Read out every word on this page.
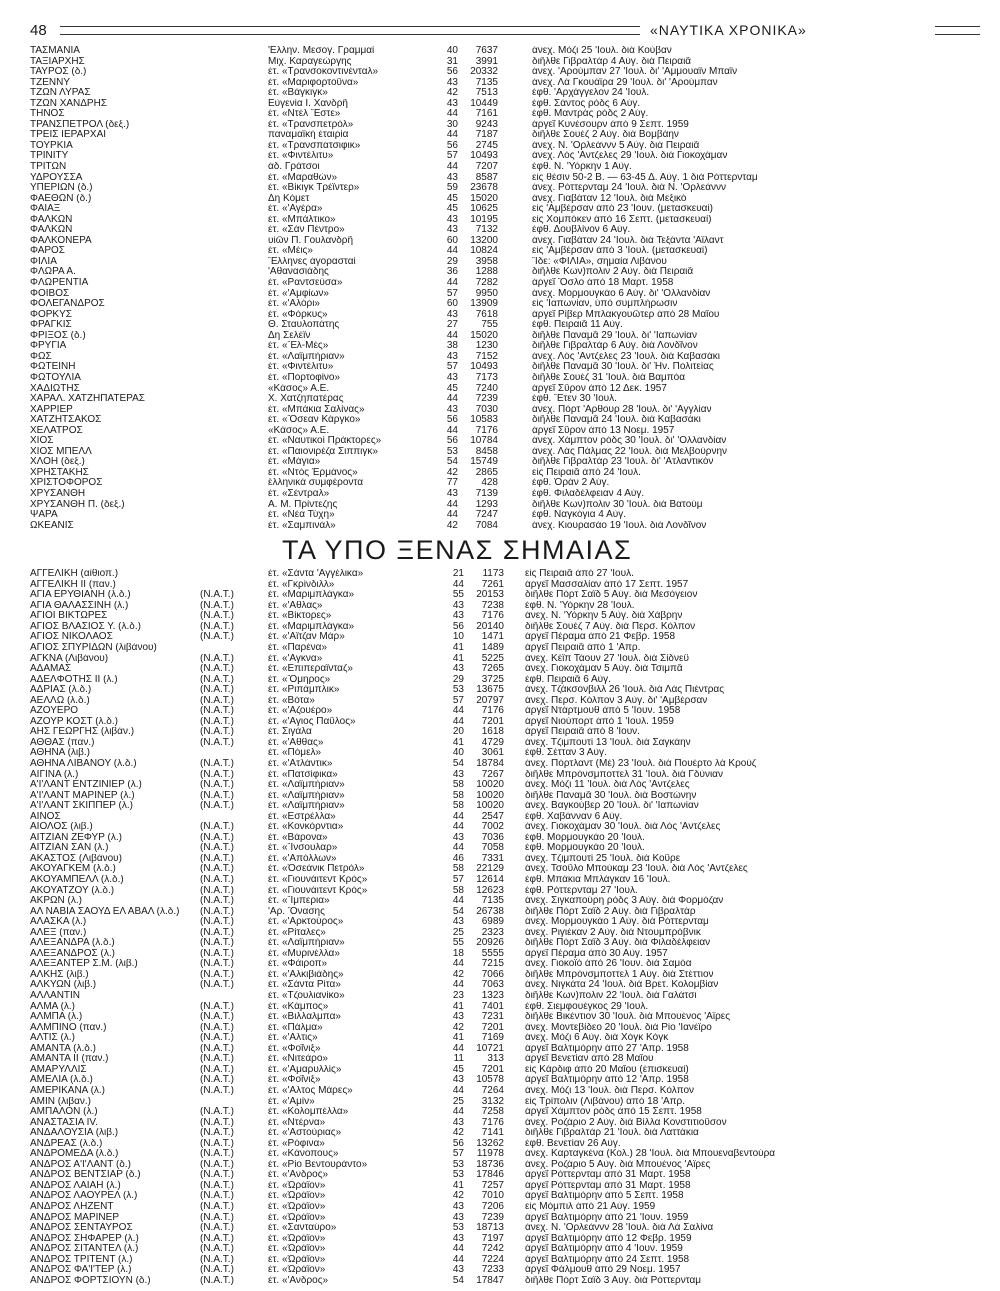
48	«ΝΑΥΤΙΚΑ ΧΡΟΝΙΚΑ»
ΤΑΣΜΑΝΙΑ	'Ελλην. Μεσογ. Γραμμαί	40	7637	ἀνεχ. Μόζι 25 'Ιουλ. διὰ Κούβαν
ΤΑΞΙΑΡΧΗΣ	Μιχ. Καραγεώργης	31	3991	διῆλθε Γιβραλτὰρ 4 Αὐγ. διὰ Πειραιᾶ
ΤΑΥΡΟΣ (δ.)	ἑτ. «Τρανσοκοντινένταλ»	56	20332	ἀνεχ. 'Αρούμπαν 27 'Ιουλ. δι' 'Αμμουαϊν Μπαϊν
ΤΖΕΝΝΥ	ἑτ. «Μαριφορτοῦνα»	43	7135	ἀνεχ. Λὰ Γκουάϊρα 29 'Ιουλ. δι' 'Αρούμπαν
ΤΖΩΝ ΛΥΡΑΣ	ἑτ. «Βάγκιγκ»	42	7513	ἐφθ. 'Αρχάγγελον 24 'Ιουλ.
ΤΖΩΝ ΧΑΝΔΡΗΣ	Εὐγενία Ι. Χανδρῆ	43	10449	ἐφθ. Σάντος ρόδς 6 Αὐγ.
ΤΗΝΟΣ	ἑτ. «Ντὲλ Ἔστε»	44	7161	ἐφθ. Μαντράς ρόδς 2 Αὐγ.
ΤΡΑΝΣΠΕΤΡΟΛ (δεξ.)	ἑτ. «Τρανσπετρόλ»	30	9243	ἀργεῖ Κυνέσουρν ἀπὸ 9 Σεπτ. 1959
ΤΡΕΙΣ ΙΕΡΑΡΧΑΙ	παναμαϊκὴ ἑταιρία	44	7187	διῆλθε Σουέζ 2 Αὐγ. διὰ Βομβάην
ΤΟΥΡΚΙΑ	ἑτ. «Τρανσπατσιφικ»	56	2745	ἀνεχ. Ν. 'Ορλεάννν 5 Αὐγ. διὰ Πειραιᾶ
ΤΡΙΝΙΤΥ	ἑτ. «Φιντέλιτυ»	57	10493	ἀνεχ. Λὸς 'Αντζελες 29 'Ιουλ. διὰ Γιοκοχάμαν
ΤΡΙΤΩΝ	ἀδ. Γράτσοι	44	7207	ἐφθ. Ν. 'Υόρκην 1 Αὐγ.
ΥΔΡΟΥΣΣΑ	ἑτ. «Μαραθὼν»	43	8587	εἰς θέσιν 50-2 Β. — 63-45 Δ. Αὐγ. 1 διὰ Ρόττερνταμ
ΥΠΕΡΙΩΝ (δ.)	ἑτ. «Βίκιγκ Τρέϊντερ»	59	23678	ἀνεχ. Ρόττερνταμ 24 'Ιουλ. διὰ Ν. 'Ορλεάννν
ΦΑΕΘΩΝ (δ.)	Δη Κόμετ	45	15020	ἀνεχ. Γιαβάταν 12 'Ιουλ. διὰ Μεξικό
ΦΑΙΑΞ	ἑτ. «'Αγέρα»	45	10625	εἰς 'Αμβέρσαν ἀπὸ 23 'Ιουν. (μετασκευαί)
ΦΑΛΚΩΝ	ἑτ. «Μπάλτικο»	43	10195	εἰς Χομπόκεν ἀπὸ 16 Σεπτ. (μετασκευαί)
ΦΑΛΚΩΝ	ἑτ. «Σὰν Πέντρο»	43	7132	ἐφθ. Δουβλίνον 6 Αὐγ.
ΦΑΛΚΟΝΕΡΑ	υἱῶν Π. Γουλανδρῆ	60	13200	ἀνεχ. Γιαβάταν 24 'Ιουλ. διὰ Τεξάντα 'Αϊλαντ
ΦΑΡΟΣ	ἑτ. «Μέις»	44	10824	εἰς 'Αμβέρσαν ἀπὸ 3 'Ιουλ. (μετασκευαί)
ΦΙΛΙΑ	Ἕλληνες ἀγορασταί	29	3958	Ἴδε: «ΦΙΛΙΑ», σημαία Λιβάνου
ΦΛΩΡΑ Α.	'Αθανασιάδης	36	1288	διῆλθε Κων)πολιν 2 Αὐγ. διὰ Πειραιᾶ
ΦΛΩΡΕΝΤΙΑ	ἑτ. «Ραντσεύσα»	44	7282	ἀργεῖ Ὄσλο ἀπὸ 18 Μαρτ. 1958
ΦΟΙΒΟΣ	ἑτ. «'Αμφίων»	57	9950	ἀνεχ. Μορμουγκάο 6 Αὐγ. δι' 'Ολλανδίαν
ΦΟΛΕΓΑΝΔΡΟΣ	ἑτ. «'Αλόρι»	60	13909	εἰς 'Ιαπωνίαν, ὑπὸ συμπλήρωσιν
ΦΟΡΚΥΣ	ἑτ. «Φόρκυς»	43	7618	ἀργεῖ Ρίβερ Μπλακγουῶτερ ἀπὸ 28 Μαΐου
ΦΡΑΓΚΙΣ	Θ. Σταυλοπάτης	27	755	ἐφθ. Πειραιᾶ 11 Αὐγ.
ΦΡΙΞΟΣ (δ.)	Δη Σελέϊν	44	15020	διῆλθε Παναμᾶ 29 'Ιουλ. δι' 'Ιαπωνίαν
ΦΡΥΓΙΑ	ἑτ. «Ἔλ-Μές»	38	1230	διῆλθε Γιβραλτὰρ 6 Αὐγ. διὰ Λονδῖνον
ΦΩΣ	ἑτ. «Λαϊμπήριαν»	43	7152	ἀνεχ. Λὸς 'Αντζελες 23 'Ιουλ. διὰ Καβασάκι
ΦΩΤΕΙΝΗ	ἑτ. «Φιντέλιτυ»	57	10493	διῆλθε Παναμᾶ 30 'Ιουλ. δι' Ἡν. Πολιτείας
ΦΩΤΟΥΛΙΑ	ἑτ. «Πορτοφίνο»	43	7173	διῆλθε Σουέζ 31 'Ιουλ. διὰ Βαμπόα
ΧΑΔΙΩΤΗΣ	«Κάσος» Α.Ε.	45	7240	ἀργεῖ Σῦρον ἀπὸ 12 Δεκ. 1957
ΧΑΡΑΛ. ΧΑΤΖΗΠΑΤΕΡΑΣ	Χ. Χατζηπατέρας	44	7239	ἐφθ. Ἔτεν 30 'Ιουλ.
ΧΑΡΡΙΕΡ	ἑτ. «Μπάκια Σαλίνας»	43	7030	ἀνεχ. Πὸρτ 'Αρθουρ 28 'Ιουλ. δι' 'Αγγλίαν
ΧΑΤΖΗΤΣΑΚΟΣ	ἑτ. «Ὄσεαν Κάργκο»	56	10583	διῆλθε Παναμᾶ 24 'Ιουλ. διὰ Καβασάκι
ΧΕΛΑΤΡΟΣ	«Κάσος» Α.Ε.	44	7176	ἀργεῖ Σῦρον ἀπὸ 13 Νοεμ. 1957
ΧΙΟΣ	ἑτ. «Ναυτικοὶ Πράκτορες»	56	10784	ἀνεχ. Χάμπτον ρόδς 30 'Ιουλ. δι' 'Ολλανδίαν
ΧΙΟΣ ΜΠΕΛΛ	ἑτ. «Παιονιρέζα Σιππιγκ»	53	8458	ἀνεχ. Λὰς Πάλμας 22 'Ιουλ. διὰ Μελβούρνην
ΧΛΟΗ (δεξ.)	ἑτ. «Μάγια»	54	15749	διῆλθε Γιβραλτὰρ 23 'Ιουλ. δι' 'Ατλαντικὸν
ΧΡΗΣΤΑΚΗΣ	ἑτ. «Ντὸς Ἑρμάνος»	42	2865	εἰς Πειραιᾶ ἀπὸ 24 'Ιουλ.
ΧΡΙΣΤΟΦΟΡΟΣ	ἕλληνικὰ συμφέροντα	77	428	ἐφθ. Ὀρὰν 2 Αὐγ.
ΧΡΥΣΑΝΘΗ	ἑτ. «Σέντραλ»	43	7139	ἐφθ. Φιλαδέλφειαν 4 Αὐγ.
ΧΡΥΣΑΝΘΗ Π. (δεξ.)	Α. Μ. Πρίντεζης	44	1293	διῆλθε Κων)πολιν 30 'Ιουλ. διὰ Βατοὺμ
ΨΑΡΑ	ἑτ. «Νέα Τύχη»	44	7247	ἐφθ. Ναγκόγια 4 Αὐγ.
ΩΚΕΑΝΙΣ	ἑτ. «Σαμπινάλ»	42	7084	ἀνεχ. Κιουρασάο 19 'Ιουλ. διὰ Λονδῖνον
ΤΑ ΥΠΟ ΞΕΝΑΣ ΣΗΜΑΙΑΣ
ΑΓΓΕΛΙΚΗ (αἰθιοπ.)	ἑτ. «Σάντα 'Αγγέλικα»	21	1173 εἰς Πειραιᾶ ἀπὸ 27 'Ιουλ.
ΑΓΓΕΛΙΚΗ ΙΙ (παν.)	ἑτ. «Γκρίνδιλλ»	44	7261 ἀργεῖ Μασσαλίαν ἀπὸ 17 Σεπτ. 1957
ΑΓΙΑ ΕΡΥΘΙΑΝΗ (λ.δ.)	(Ν.Α.Τ.)	ἑτ. «Μαριμπλάγκα»	55	20153 διῆλθε Πὸρτ Σαϊδ 5 Αὐγ. διὰ Μεσόγειον
ΑΓΙΑ ΘΑΛΑΣΣΙΝΗ (λ.)	(Ν.Α.Τ.)	ἑτ. «'Αθλας»	43	7238 ἐφθ. Ν. 'Υόρκην 28 'Ιουλ.
ΑΓΙΟΙ ΒΙΚΤΩΡΕΣ	(Ν.Α.Τ.)	ἑτ. «Βίκτορες»	43	7176 ἀνεχ. Ν. 'Υόρκην 5 Αὐγ. διὰ Χάβρην
ΑΓΙΟΣ ΒΛΑΣΙΟΣ Υ. (λ.δ.)	(Ν.Α.Τ.)	ἑτ. «Μαριμπλάγκα»	56	20140 διῆλθε Σουέζ 7 Αὐγ. διὰ Περσ. Κόλπον
ΑΓΙΟΣ ΝΙΚΟΛΑΟΣ	(Ν.Α.Τ.)	ἑτ. «'Αϊτζαν Μάρ»	10	1471 ἀργεῖ Πέραμα ἀπὸ 21 Φεβρ. 1958
ΑΓΙΟΣ ΣΠΥΡΙΔΩΝ (λιβάνου)	ἑτ. «Παρένα»	41	1489 ἀργεῖ Πειραιᾶ ἀπὸ 1 'Απρ.
ΑΓΚΝΑ (Λιβάνου)	(Ν.Α.Τ.)	ἑτ. «'Αγκνα»	41	5225 ἀνεχ. Κέϊπ Τάουν 27 'Ιουλ. διὰ Σίδνεϋ
ΑΔΑΜΑΣ	(Ν.Α.Τ.)	ἑτ. «Επιπεραϊνταζ»	43	7265 ἀνεχ. Γιοκοχάμαν 5 Αὐγ. διὰ Τσιμπᾶ
ΑΔΕΛΦΟΤΗΣ ΙΙ (λ.)	(Ν.Α.Τ.)	ἑτ. «Ὄμηρος»	29	3725 ἐφθ. Πειραιᾶ 6 Αὐγ.
ΑΔΡΙΑΣ (λ.δ.)	(Ν.Α.Τ.)	ἑτ. «Ριπάμπλικ»	53	13675 ἀνεχ. Τζάκσονβιλλ 26 'Ιουλ. διὰ Λὰς Πιέντρας
ΑΕΛΛΩ (λ.δ.)	(Ν.Α.Τ.)	ἑτ. «Βότα»	57	20797 ἀνεχ. Περσ. Κόλπον 3 Αὐγ. δι' 'Αμβέρσαν
ΑΖΟΥΕΡΟ	(Ν.Α.Τ.)	ἑτ. «'Αζουέρο»	44	7176 ἀργεῖ Ντάρτμουθ ἀπὸ 5 'Ιουν. 1958
ΑΖΟΥΡ ΚΟΣΤ (λ.δ.)	(Ν.Α.Τ.)	ἑτ. «'Αγιος Παῦλος»	44	7201 ἀργεῖ Νιούπορτ ἀπὸ 1 'Ιουλ. 1959
ΑΗΣ ΓΕΩΡΓΗΣ (λιβάν.)	(Ν.Α.Τ.)	ἑτ. Σιγάλα	20	1618 ἀργεῖ Πειραιᾶ ἀπὸ 8 'Ιουν.
ΑΘΘΑΣ (παν.)	(Ν.Α.Τ.)	ἑτ. «'Αθθας»	41	4729 ἀνεχ. Τζιμπουτί 13 'Ιουλ. διὰ Σαγκάην
ΑΘΗΝΑ (λιβ.)	ἑτ. «Πόμελ»	40	3061 ἐφθ. Σέτταν 3 Αὐγ.
ΑΘΗΝΑ ΛΙΒΑΝΟΥ (λ.δ.)	(Ν.Α.Τ.)	ἑτ. «'Ατλάντικ»	54	18784 ἀνεχ. Πόρτλαντ (Μὲ) 23 'Ιουλ. διὰ Πουέρτο λὰ Κρούζ
ΑΙΓΙΝΑ (λ.)	(Ν.Α.Τ.)	ἑτ. «Πατσίφικα»	43	7267 διῆλθε Μπρόνσμποττελ 31 'Ιουλ. διὰ Γδύνιαν
Α'Ι'ΛΑΝΤ ΕΝΤΖΙΝΙΕΡ (λ.)	(Ν.Α.Τ.)	ἑτ. «Λαϊμπήριαν»	58	10020 ἀνεχ. Μόζι 11 'Ιουλ. διὰ Λὸς 'Αντζελες
Α'Ι'ΛΑΝΤ ΜΑΡΙΝΕΡ (λ.)	(Ν.Α.Τ.)	ἑτ. «Λαϊμπήριαν»	58	10020 διῆλθε Παναμᾶ 30 'Ιουλ. διὰ Βοστώνην
Α'Ι'ΛΑΝΤ ΣΚΙΠΠΕΡ (λ.)	(Ν.Α.Τ.)	ἑτ. «Λαϊμπήριαν»	58	10020 ἀνεχ. Βαγκούβερ 20 'Ιουλ. δι' 'Ιαπωνίαν
ΑΙΝΟΣ	ἑτ. «Εστρέλλα»	44	2547 ἐφθ. Χαβάνναν 6 Αὐγ.
ΑΙΟΛΟΣ (λιβ.)	(Ν.Α.Τ.)	ἑτ. «Κονκόρντια»	44	7002 ἀνεχ. Γιοκοχάμαν 30 'Ιουλ. διὰ Λὸς 'Αντζελες
ΑΙΤΖΙΑΝ ΖΕΦΥΡ (λ.)	(Ν.Α.Τ.)	ἑτ. «Βάρονα»	43	7036 ἐφθ. Μορμουγκάο 20 'Ιουλ.
ΑΙΤΖΙΑΝ ΣΑΝ (λ.)	(Ν.Α.Τ.)	ἑτ. «Ἴνσουλαρ»	44	7058 ἐφθ. Μορμουγκάο 20 'Ιουλ.
ΑΚΑΣΤΟΣ (Λιβάνου)	(Ν.Α.Τ.)	ἑτ. «'Απόλλων»	46	7331 ἀνεχ. Τζιμπουτί 25 'Ιουλ. διὰ Κοῦρε
ΑΚΟΥΑΓΚΕΜ (λ.δ.)	(Ν.Α.Τ.)	ἑτ. «Ὀσεάνικ Πετρόλ»	58	22129 ἀνεχ. Τσοῦλο Μπούκαμ 23 'Ιουλ. διὰ Λὸς 'Αντζελες
ΑΚΟΥΑΜΠΕΛΛ (λ.δ.)	(Ν.Α.Τ.)	ἑτ. «Γιουνάιτεντ Κρὸς»	57	12614 ἐφθ. Μπάκια Μπλάγκαν 16 'Ιουλ.
ΑΚΟΥΑΤΖΟΥ (λ.δ.)	(Ν.Α.Τ.)	ἑτ. «Γιουνάιτεντ Κρὸς»	58	12623 ἐφθ. Ρόττερνταμ 27 'Ιουλ.
ΑΚΡΩΝ (λ.)	(Ν.Α.Τ.)	ἑτ. «Ἴμπερια»	44	7135 ἀνεχ. Σιγκαπούρη ρόδς 3 Αὐγ. διὰ Φορμόζαν
ΑΛ ΝΑΒΙΑ ΣΑΟΥΔ ΕΛ ΑΒΑΛ (λ.δ.)	(Ν.Α.Τ.)	'Αρ. Ὄνασης	54	26738 διῆλθε Πὸρτ Σαϊδ 2 Αὐγ. διὰ Γιβραλτὰρ
ΑΛΑΣΚΑ (λ.)	(Ν.Α.Τ.)	ἑτ. «'Αρκτούρος»	43	6989 ἀνεχ. Μορμουγκάο 1 Αὐγ. διὰ Ρόττερνταμ
ΑΛΕΞ (παν.)	(Ν.Α.Τ.)	ἑτ. «Ρίταλες»	25	2323 ἀνεχ. Ριγιέκαν 2 Αὐγ. διὰ Ντουμπρόβνικ
ΑΛΕΞΑΝΔΡΑ (λ.δ.)	(Ν.Α.Τ.)	ἑτ. «Λαϊμπήριαν»	55	20926 διῆλθε Πὸρτ Σαϊδ 3 Αὐγ. διὰ Φιλαδέλφειαν
ΑΛΕΞΑΝΔΡΟΣ (λ.)	(Ν.Α.Τ.)	ἑτ. «Μυρινέλλα»	18	5555 ἀργεῖ Πέραμα ἀπὸ 30 Αὐγ. 1957
ΑΛΕΞΑΝΤΕΡ Σ.Μ. (λιβ.)	(Ν.Α.Τ.)	ἑτ. «Φάιροπ»	44	7215 ἀνεχ. Γιοκοϊὸ ἀπὸ 26 'Ιουν. διὰ Σαμόα
ΑΛΚΗΣ (λιβ.)	(Ν.Α.Τ.)	ἑτ. «'Αλκιβιάδης»	42	7066 διῆλθε Μπρόνσμποττελ 1 Αὐγ. διὰ Στέττιον
ΑΛΚΥΩΝ (λιβ.)	(Ν.Α.Τ.)	ἑτ. «Σάντα Ρίτα»	44	7063 ἀνεχ. Νιγκάτα 24 'Ιουλ. διὰ Βρετ. Κολομβίαν
ΑΛΛΑΝΤΙΝ	ἑτ. «Τζουλιανίκο»	23	1323 διῆλθε Κων)πολιν 22 'Ιουλ. διὰ Γαλάτσι
ΑΛΜΑ (λ.)	(Ν.Α.Τ.)	ἑτ. «Κάμπος»	41	7401 ἐφθ. Σιεμφουέγκος 29 'Ιουλ.
ΑΛΜΠΑ (λ.)	(Ν.Α.Τ.)	ἑτ. «Βιλλαλμπα»	43	7231 διῆλθε Βικέντιον 30 'Ιουλ. διὰ Μπουένος 'Αϊρες
ΑΛΜΠΙΝΟ (παν.)	(Ν.Α.Τ.)	ἑτ. «Πάλμα»	42	7201 ἀνεχ. Μοντεβίδεο 20 'Ιουλ. διὰ Ρίο 'Ιανέϊρο
ΑΛΤΙΣ (λ.)	(Ν.Α.Τ.)	ἑτ. «'Αλτις»	41	7169 ἀνεχ. Μόζι 6 Αὐγ. διὰ Χὸγκ Κὸγκ
ΑΜΑΝΤΑ (λ.δ.)	(Ν.Α.Τ.)	ἑτ. «Φοῖνιξ»	44	10721 ἀργεῖ Βαλτιμόρην ἀπὸ 27 'Απρ. 1958
ΑΜΑΝΤΑ ΙΙ (παν.)	(Ν.Α.Τ.)	ἑτ. «Νιτεάρο»	11	313 ἀργεῖ Βενετίαν ἀπὸ 28 Μαΐου
ΑΜΑΡΥΛΛΙΣ	(Ν.Α.Τ.)	ἑτ. «'Αμαρυλλίς»	45	7201 εἰς Κάρδιφ ἀπὸ 20 Μαΐου (ἐπισκευαί)
ΑΜΕΛΙΑ (λ.δ.)	(Ν.Α.Τ.)	ἑτ. «Φοῖνιξ»	43	10578 ἀργεῖ Βαλτιμόρην ἀπὸ 12 'Απρ. 1958
ΑΜΕΡΙΚΑΝΑ (λ.)	(Ν.Α.Τ.)	ἑτ. «'Αλτος Μάρες»	44	7264 ἀνεχ. Μόζι 13 'Ιουλ. διὰ Περσ. Κόλπον
ΑΜΙΝ (λιβαν.)	ἑτ. «'Αμίν»	25	3132 εἰς Τρίπολιν (Λιβάνου) ἀπὸ 18 'Απρ.
ΑΜΠΑΛΟΝ (λ.)	(Ν.Α.Τ.)	ἑτ. «Κολομπέλλα»	44	7258 ἀργεῖ Χάμπτον ρόδς ἀπὸ 15 Σεπτ. 1958
ΑΝΑΣΤΑΣΙΑ ΙV.	(Ν.Α.Τ.)	ἑτ. «Ντέρνα»	43	7176 ἀνεχ. Ροζάριο 2 Αὐγ. διὰ Βίλλα Κονστιτιοῦσον
ΑΝΔΑΛΟΥΣΙΑ (λιβ.)	(Ν.Α.Τ.)	ἑτ. «'Αστούριας»	42	7141 διῆλθε Γιβραλτὰρ 21 'Ιουλ. διὰ Λαττάκια
ΑΝΔΡΕΑΣ (λ.δ.)	(Ν.Α.Τ.)	ἑτ. «Ρόφινα»	56	13262 ἐφθ. Βενετίαν 26 Αὐγ.
ΑΝΔΡΟΜΕΔΑ (λ.δ.)	(Ν.Α.Τ.)	ἑτ. «Κάνοπους»	57	11978 ἀνεχ. Καρταγκένα (Κολ.) 28 'Ιουλ. διὰ Μπουεναβεντούρα
ΑΝΔΡΟΣ Α'Ι'ΛΑΝΤ (δ.)	(Ν.Α.Τ.)	ἑτ. «Ρίο Βεντουράντο»	53	18736 ἀνεχ. Ροζάριο 5 Αὐγ. διὰ Μπουένος 'Αϊρες
ΑΝΔΡΟΣ ΒΕΝΤΣΙΑΡ (δ.)	(Ν.Α.Τ.)	ἑτ. «'Ανδρος»	53	17846 ἀργεῖ Ρόττερνταμ ἀπὸ 31 Μαρτ. 1958
ΑΝΔΡΟΣ ΛΑΙΑΗ (λ.)	(Ν.Α.Τ.)	ἑτ. «Ὠράϊον»	41	7257 ἀργεῖ Ρόττερνταμ ἀπὸ 31 Μαρτ. 1958
ΑΝΔΡΟΣ ΛΑΟΥΡΕΛ (λ.)	(Ν.Α.Τ.)	ἑτ. «Ὠράϊον»	42	7010 ἀργεῖ Βαλτιμόρην ἀπὸ 5 Σεπτ. 1958
ΑΝΔΡΟΣ ΛΗΖΕΝΤ	(Ν.Α.Τ.)	ἑτ. «Ὠράϊον»	43	7206 εἰς Μόμπιλ ἀπὸ 21 Αὐγ. 1959
ΑΝΔΡΟΣ ΜΑΡΙΝΕΡ	(Ν.Α.Τ.)	ἑτ. «Ὠράϊον»	43	7239 ἀργεῖ Βαλτιμόρην ἀπὸ 21 'Ιουν. 1959
ΑΝΔΡΟΣ ΣΕΝΤΑΥΡΟΣ	(Ν.Α.Τ.)	ἑτ. «Σανταύρο»	53	18713 ἀνεχ. Ν. 'Ορλεάννν 28 'Ιουλ. διὰ Λὰ Σαλίνα
ΑΝΔΡΟΣ ΣΗΦΑΡΕΡ (λ.)	(Ν.Α.Τ.)	ἑτ. «Ὠράϊον»	43	7197 ἀργεῖ Βαλτιμόρην ἀπὸ 12 Φεβρ. 1959
ΑΝΔΡΟΣ ΣΙΤΑΝΤΕΛ (λ.)	(Ν.Α.Τ.)	ἑτ. «Ὠράϊον»	44	7242 ἀργεῖ Βαλτιμόρην ἀπὸ 4 'Ιουν. 1959
ΑΝΔΡΟΣ ΤΡΙΤΕΝΤ (λ.)	(Ν.Α.Τ.)	ἑτ. «Ὠράϊον»	44	7224 ἀργεῖ Βαλτιμόρην ἀπὸ 24 Σεπτ. 1958
ΑΝΔΡΟΣ ΦΑ'Ι'ΤΕΡ (λ.)	(Ν.Α.Τ.)	ἑτ. «Ὠράϊον»	43	7233 ἀργεῖ Φάλμουθ ἀπὸ 29 Νοεμ. 1957
ΑΝΔΡΟΣ ΦΟΡΤΣΙΟΥΝ (δ.)	(Ν.Α.Τ.)	ἑτ. «'Ανδρος»	54	17847 διῆλθε Πὸρτ Σαϊδ 3 Αὐγ. διὰ Ρόττερνταμ
